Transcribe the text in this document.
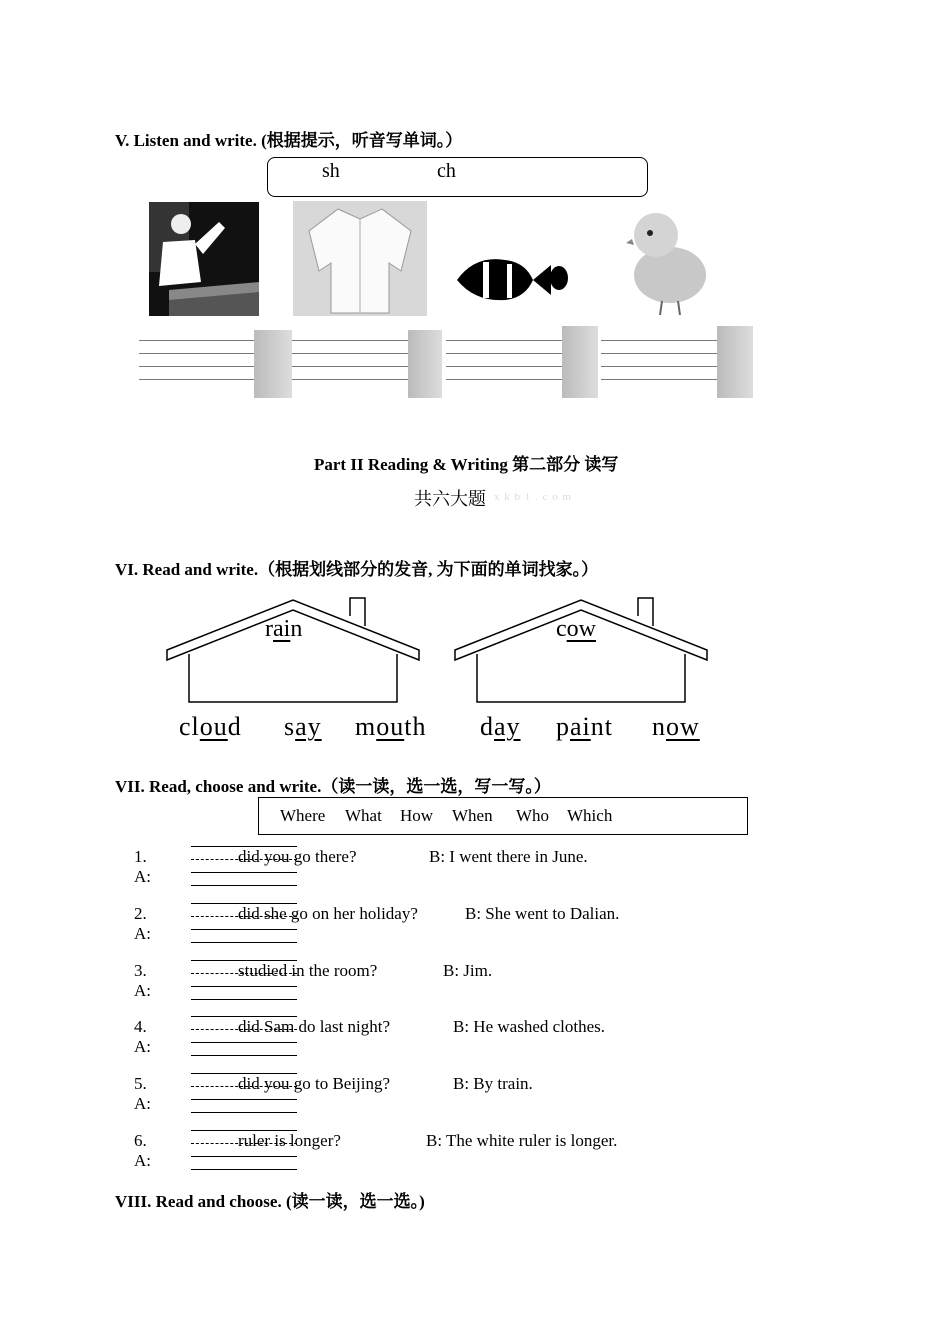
V. Listen and write. (根据提示，听音写单词。）
sh	ch
Part II Reading & Writing 第二部分 读写
共六大题 x k b 1 . c o m
VI. Read and write.（根据划线部分的发音, 为下面的单词找家。）
rain	cow
cloud say mouth day paint now
VII. Read, choose and write.（读一读，选一选，写一写。）
Where What How When Who Which
1. A:
did you go there?	B: I went there in June.
2. A:
did she go on her holiday?	B: She went to Dalian.
3. A:
studied in the room?	B: Jim.
4. A:
did Sam do last night?	B: He washed clothes.
5. A:
did you go to Beijing?	B: By train.
6. A:
ruler is longer?	B: The white ruler is longer.
VIII. Read and choose. (读一读，选一选。)
